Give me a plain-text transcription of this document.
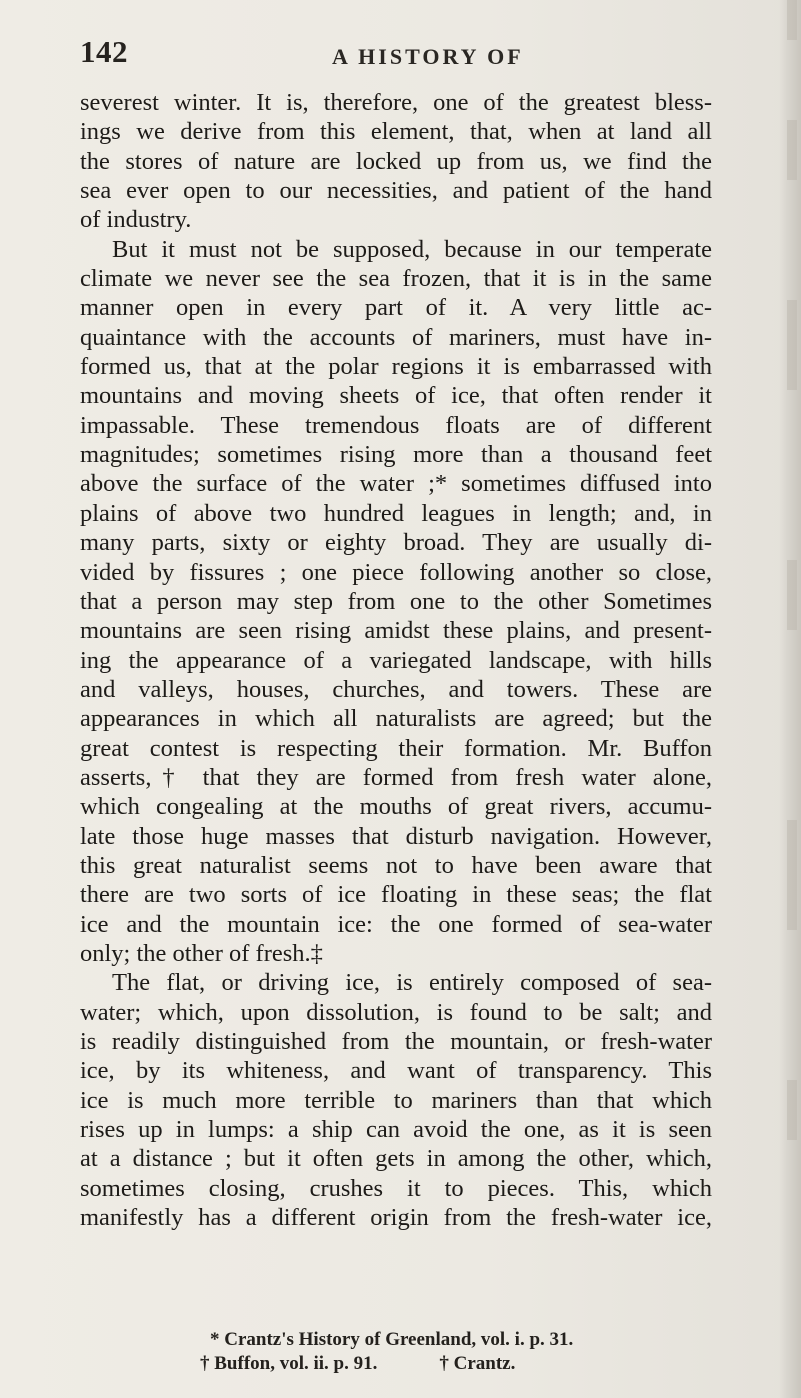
142	A HISTORY OF
severest winter. It is, therefore, one of the greatest bless-
ings we derive from this element, that, when at land all
the stores of nature are locked up from us, we find the
sea ever open to our necessities, and patient of the hand
of industry.
But it must not be supposed, because in our temperate
climate we never see the sea frozen, that it is in the same
manner open in every part of it. A very little ac-
quaintance with the accounts of mariners, must have in-
formed us, that at the polar regions it is embarrassed with
mountains and moving sheets of ice, that often render it
impassable. These tremendous floats are of different
magnitudes; sometimes rising more than a thousand feet
above the surface of the water ;* sometimes diffused into
plains of above two hundred leagues in length; and, in
many parts, sixty or eighty broad. They are usually di-
vided by fissures ; one piece following another so close,
that a person may step from one to the other Sometimes
mountains are seen rising amidst these plains, and present-
ing the appearance of a variegated landscape, with hills
and valleys, houses, churches, and towers. These are
appearances in which all naturalists are agreed; but the
great contest is respecting their formation. Mr. Buffon
asserts,† that they are formed from fresh water alone,
which congealing at the mouths of great rivers, accumu-
late those huge masses that disturb navigation. However,
this great naturalist seems not to have been aware that
there are two sorts of ice floating in these seas; the flat
ice and the mountain ice: the one formed of sea-water
only; the other of fresh.‡
The flat, or driving ice, is entirely composed of sea-
water; which, upon dissolution, is found to be salt; and
is readily distinguished from the mountain, or fresh-water
ice, by its whiteness, and want of transparency. This
ice is much more terrible to mariners than that which
rises up in lumps: a ship can avoid the one, as it is seen
at a distance ; but it often gets in among the other, which,
sometimes closing, crushes it to pieces. This, which
manifestly has a different origin from the fresh-water ice,
* Crantz's History of Greenland, vol. i. p. 31.
† Buffon, vol. ii. p. 91.	† Crantz.
